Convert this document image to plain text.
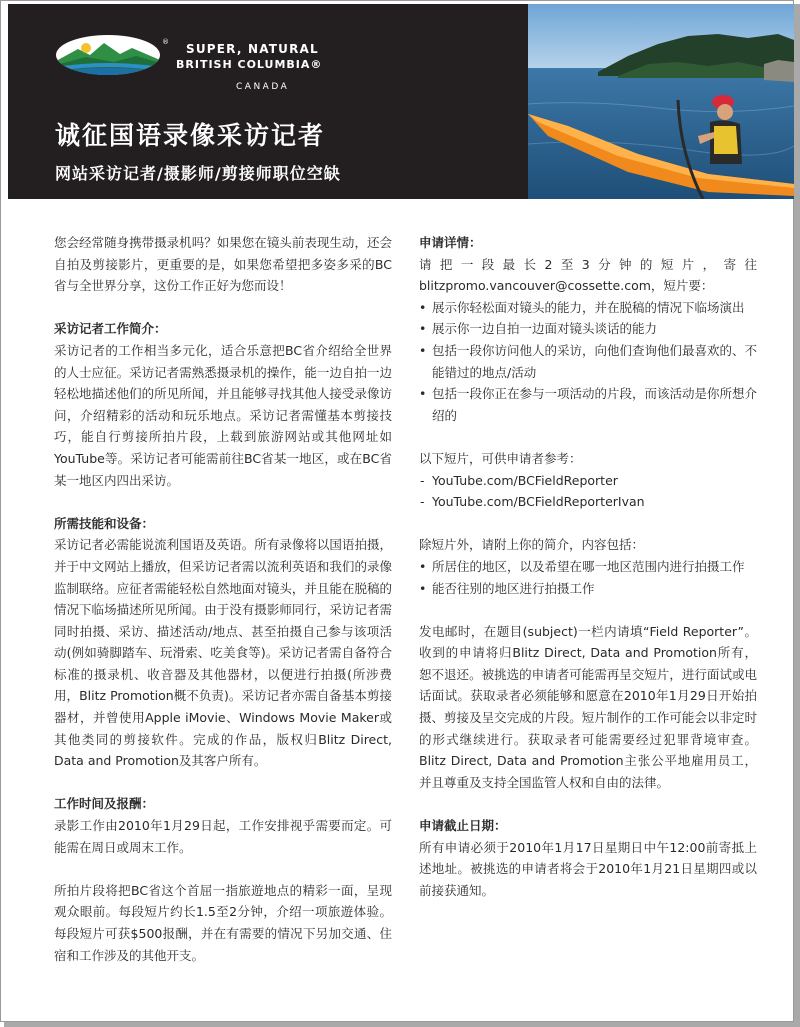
® SUPER, NATURAL
BRITISH COLUMBIA®
CANADA
诚征国语录像采访记者
网站采访记者/摄影师/剪接师职位空缺

您会经常随身携带摄录机吗？如果您在镜头前表现生动，还会自拍及剪接影片，更重要的是，如果您希望把多姿多采的BC省与全世界分享，这份工作正好为您而设！

采访记者工作简介：

采访记者的工作相当多元化，适合乐意把BC省介绍给全世界的人士应征。采访记者需熟悉摄录机的操作，能一边自拍一边轻松地描述他们的所见所闻，并且能够寻找其他人接受录像访问，介绍精彩的活动和玩乐地点。采访记者需懂基本剪接技巧，能自行剪接所拍片段，上载到旅游网站或其他网址如YouTube等。采访记者可能需前往BC省某一地区，或在BC省某一地区内四出采访。

所需技能和设备：

采访记者必需能说流利国语及英语。所有录像将以国语拍摄，并于中文网站上播放，但采访记者需以流利英语和我们的录像监制联络。应征者需能轻松自然地面对镜头，并且能在脱稿的情况下临场描述所见所闻。由于没有摄影师同行，采访记者需同时拍摄、采访、描述活动/地点、甚至拍摄自己参与该项活动(例如骑脚踏车、玩滑索、吃美食等)。采访记者需自备符合标准的摄录机、收音器及其他器材，以便进行拍摄(所涉费用，Blitz Promotion概不负责)。采访记者亦需自备基本剪接器材，并曾使用Apple iMovie、Windows Movie Maker或其他类同的剪接软件。完成的作品，版权归Blitz Direct, Data and Promotion及其客户所有。

工作时间及报酬：

录影工作由2010年1月29日起，工作安排视乎需要而定。可能需在周日或周末工作。

所拍片段将把BC省这个首屈一指旅遊地点的精彩一面，呈现观众眼前。每段短片约长1.5至2分钟，介绍一项旅遊体验。每段短片可获$500报酬，并在有需要的情况下另加交通、住宿和工作涉及的其他开支。

申请详情：

请把一段最长2至3分钟的短片，寄往blitzpromo.vancouver@cossette.com，短片要：

• 展示你轻松面对镜头的能力，并在脱稿的情况下临场演出
• 展示你一边自拍一边面对镜头谈话的能力
• 包括一段你访问他人的采访，向他们查询他们最喜欢的、不能错过的地点/活动
• 包括一段你正在参与一项活动的片段，而该活动是你所想介绍的

以下短片，可供申请者参考：

- YouTube.com/BCFieldReporter
- YouTube.com/BCFieldReporterIvan

除短片外，请附上你的简介，内容包括：

• 所居住的地区，以及希望在哪一地区范围内进行拍摄工作
• 能否往别的地区进行拍摄工作

发电邮时，在题目(subject)一栏内请填“Field Reporter”。收到的申请将归Blitz Direct, Data and Promotion所有，恕不退还。被挑选的申请者可能需再呈交短片，进行面试或电话面试。获取录者必须能够和愿意在2010年1月29日开始拍摄、剪接及呈交完成的片段。短片制作的工作可能会以非定时的形式继续进行。获取录者可能需要经过犯罪背境审查。Blitz Direct, Data and Promotion主张公平地雇用员工，并且尊重及支持全国监管人权和自由的法律。

申请截止日期：

所有申请必须于2010年1月17日星期日中午12:00前寄抵上述地址。被挑选的申请者将会于2010年1月21日星期四或以前接获通知。
